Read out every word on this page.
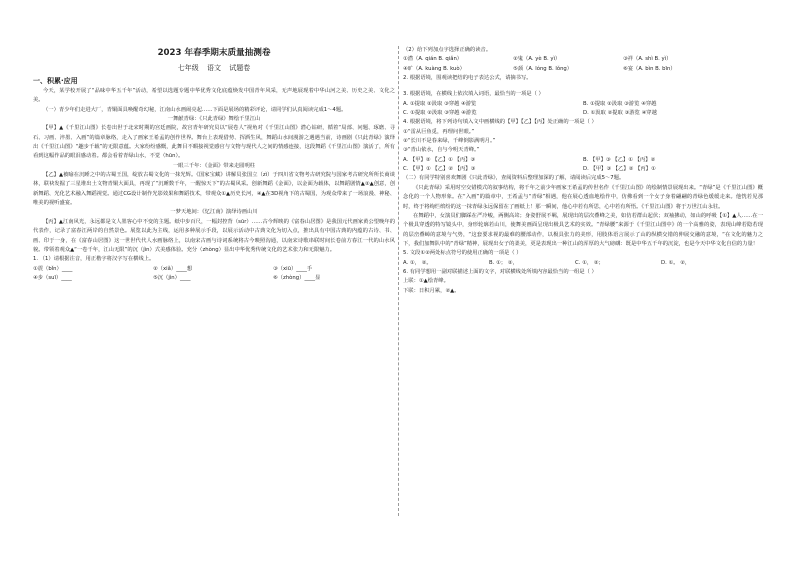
2023 年春季期末质量抽测卷

七年级 语文 试题卷

一、积累·应用

今天，某学校开展了“品味中华五千年”活动，希望以选题专题中华优秀文化底蕴焕发中国青年风采，无声地展现着中华山河之美、历史之美、文化之美。

（一）青少年们走进大厂，青铜面具唤醒奇幻秘，江南山水画闹亮起……下面是展场的精彩评论，请同学们认真阅读完成1～4题。

一舞献青绿：《只此青绿》舞绘千里江山

【甲】▲《千里江山图》长卷出世于北宋时期的宫廷画院，故宫青年研究员以“展卷人”视角对《千里江山图》潜心钻研，循着“局部、问题、琢磨、寻石、习画、淬墨、入画”的篇章脉络，走入了画家王希孟的创作世界。舞台上表现借势、挥洒生风，舞蹈山水间漫游之遇遇当前，诗画剧《只此青绿》演绎出《千里江山图》“趣步千载”的无限意蕴。大家纷纷感慨，此舞目不暇接视觉感官与文物与现代人之间的情感连接，这段舞蹈《千里江山图》演活了，所有看到这幅作品的眼泪感动着。都会看着青绿山水，不觉（hūn）。

一眼三千年：《金面》带来走圆明柱

【乙】▲被喻在沉睡之中的古蜀王国，绽放古蜀文化的一抹光辉。《国家宝藏》讲解员张国立（zì）于四川省文物考古研究院与国家考古研究所所长商谈林，联袂发掘了三星堆出土文物青铜大面具，再现了“沉睡数千年，一醒惊天下”的古蜀风采。创新舞蹈《金面》，以金面为载体，以舞蹈剧情▲②▲创意，创新舞蹈、光化艺术融入舞蹈视觉。通过CG设计制作光影效果和舞蹈技术，带观众①▲历史长河，④▲在3D视角下的古蜀国，为观众带来了一场浪漫、神秘、唯美的视听盛宴。

一梦天地间：《忆江南》演绎诗画山川

【丙】▲江南风光，永远都是文人墨客心中不变的主题。纸中步百尺，一幅封控背（sūr）……古今辉映的《富春山居图》是我国元代画家黄公望晚年的代表作，记录了富春江两岸的自然景色。展览以此为主线，运用多种展示手段，以展示活动中古典文化为切入点，推出具有中国古典的内蕴的古诗、书、画、印于一身，在《富春山居图》这一世世代代人水画脉络上，以南宋古画与诗词系统将古今映照沟通，以南宋诗歌串联时间长卷前方春江一代的山水风貌。带领着观众▲“一卷千年，江山无限”的沉（jìn）式美感体验。充分（zhòng）显出中华优秀传统文化的艺术张力和无限魅力。

1. （1）请根据注音，用正楷字将汉字写在横线上。

①震（bǐn）____	②（xiǎ）____想	③（xiū）____手
④步（suī）____	⑤沉（jìn）____	⑥（zhòng）____显

（2）给下列加点字选择正确的读音。

①潜（A. qián B. qiǎn）	②鬼（A. yè B. yì）	③祥（A. shì B. yì）
④旷（A. kuàng B. kuò）	⑤颈（A. lóng B. lǒng）	⑥宴（A. bìn B. bīn）

2. 根据语境，围观读把结的电子表达公式，请摘书写。

3. 根据语境，在横线上依次填入词语，最恰当的一项是（ ）

A. ①提取 ②汲取 ③穿越 ④游览	B. ①提取 ②汲取 ③游览 ④穿越
C. ①提取 ②汲取 ③穿越 ④游览	D. ①汲取 ②提取 ③游览 ④穿越

4. 根据语境，将下列诗句填入文中画横线的【甲】【乙】【丙】处正确的一项是（ ）

①“雷从巨鱼觅，再理问世眼。”

②“长川不是春来绿，千峰倒影满明月。”

③“青山依水，自与今明天青峰。”

A. 【甲】② 【乙】① 【丙】③	B. 【甲】③ 【乙】① 【丙】②
C. 【甲】① 【乙】② 【丙】③	D. 【甲】③ 【乙】② 【丙】①

（二）有同学特别喜欢舞剧《只此青绿》，查阅资料后整理加深的了解，请阅读后完成5～7题。

《只此青绿》采用时空交错模式的叙事结构，将千年之前少年画家王希孟的传世名作《千里江山图》的绘制情景展现出来。“青绿”是《千里江山图》概念化的一个人物形象。在“入画”的篇章中，王希孟与“青绿”相遇，他在展心透血地绘作中，仿佛看到一个女子身着翩翩的青绿色缓缓走来。他恍若见那时，终于将绚烂缤纷的这一抹青绿永远保留在了画纸上！那一瞬间，他心中若有所思，心中若有所悟。《千里江山图》将于万世江山永驻。

在舞蹈中，女演员们脚踩在严冷峻，两侧高耸；身姿舒展不羁，展现出的层次叠峰之美，如仿若群山起伏；双袖拂动，如山的呼吸【①】▲人……在一个极具穿透的特写镜头中，身形轮廓若山川，使舞美画面呈现出极具艺术的实效。“青绿腰”来源于《千里江山图中》的一个高雅的姿，表现山峰若隐若现的层峦叠嶂的意境与气势，“这套要求视的最难的腰部动作，以极具张力的美形，用肢体语言展示了山的纵横交错的伸展交融的意境，“在文化的魅力之下，我们加舞队中的“青绿”精神，展现出女子的柔美，更是表现出一种江山的浑厚的大气磅礴：既是中华五千年的沉淀，也是今天中华文化自信的力量！

5. 文段①②两处标点符号的使用正确的一项是（ ）

A. ①， ②。	B. ①； ②，	C. ①， ②；	D. ①。 ②，

6. 有同学想用一副对联描述上面的文字，对联横线处所填内容最恰当的一组是（ ）

上联：①▲绘青峰。

下联：日积月累，②▲。
